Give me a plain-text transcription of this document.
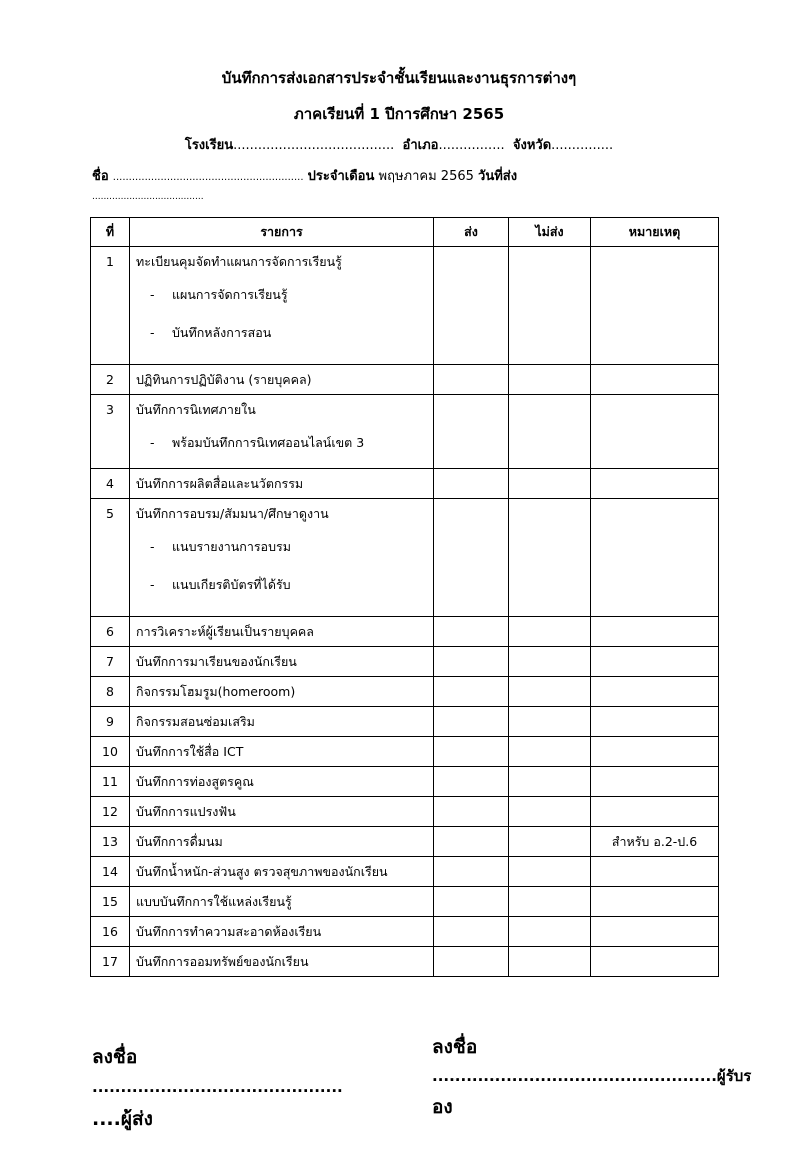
บันทึกการส่งเอกสารประจำชั้นเรียนและงานธุรการต่างๆ
ภาคเรียนที่ 1 ปีการศึกษา 2565
โรงเรียน....................................... อำเภอ................ จังหวัด...............
ชื่อ ............................................................ ประจำเดือน พฤษภาคม 2565 วันที่ส่ง
.......................................
ที่	รายการ	ส่ง	ไม่ส่ง	หมายเหตุ

1	ทะเบียนคุมจัดทำแผนการจัดการเรียนรู้
- แผนการจัดการเรียนรู้
- บันทึกหลังการสอน			

2	ปฏิทินการปฏิบัติงาน (รายบุคคล)			

3	บันทึกการนิเทศภายใน
- พร้อมบันทึกการนิเทศออนไลน์เขต 3			

4	บันทึกการผลิตสื่อและนวัตกรรม			

5	บันทึกการอบรม/สัมมนา/ศึกษาดูงาน
- แนบรายงานการอบรม
- แนบเกียรติบัตรที่ได้รับ			

6	การวิเคราะห์ผู้เรียนเป็นรายบุคคล			

7	บันทึกการมาเรียนของนักเรียน			

8	กิจกรรมโฮมรูม(homeroom)			

9	กิจกรรมสอนซ่อมเสริม			

10	บันทึกการใช้สื่อ ICT			

11	บันทึกการท่องสูตรคูณ			

12	บันทึกการแปรงฟัน			

13	บันทึกการดื่มนม			สำหรับ อ.2-ป.6

14	บันทึกน้ำหนัก-ส่วนสูง ตรวจสุขภาพของนักเรียน			

15	แบบบันทึกการใช้แหล่งเรียนรู้			

16	บันทึกการทำความสะอาดห้องเรียน			

17	บันทึกการออมทรัพย์ของนักเรียน			

ลงชื่อ
............................................
....ผู้ส่ง
ลงชื่อ
..................................................ผู้รับร
อง
